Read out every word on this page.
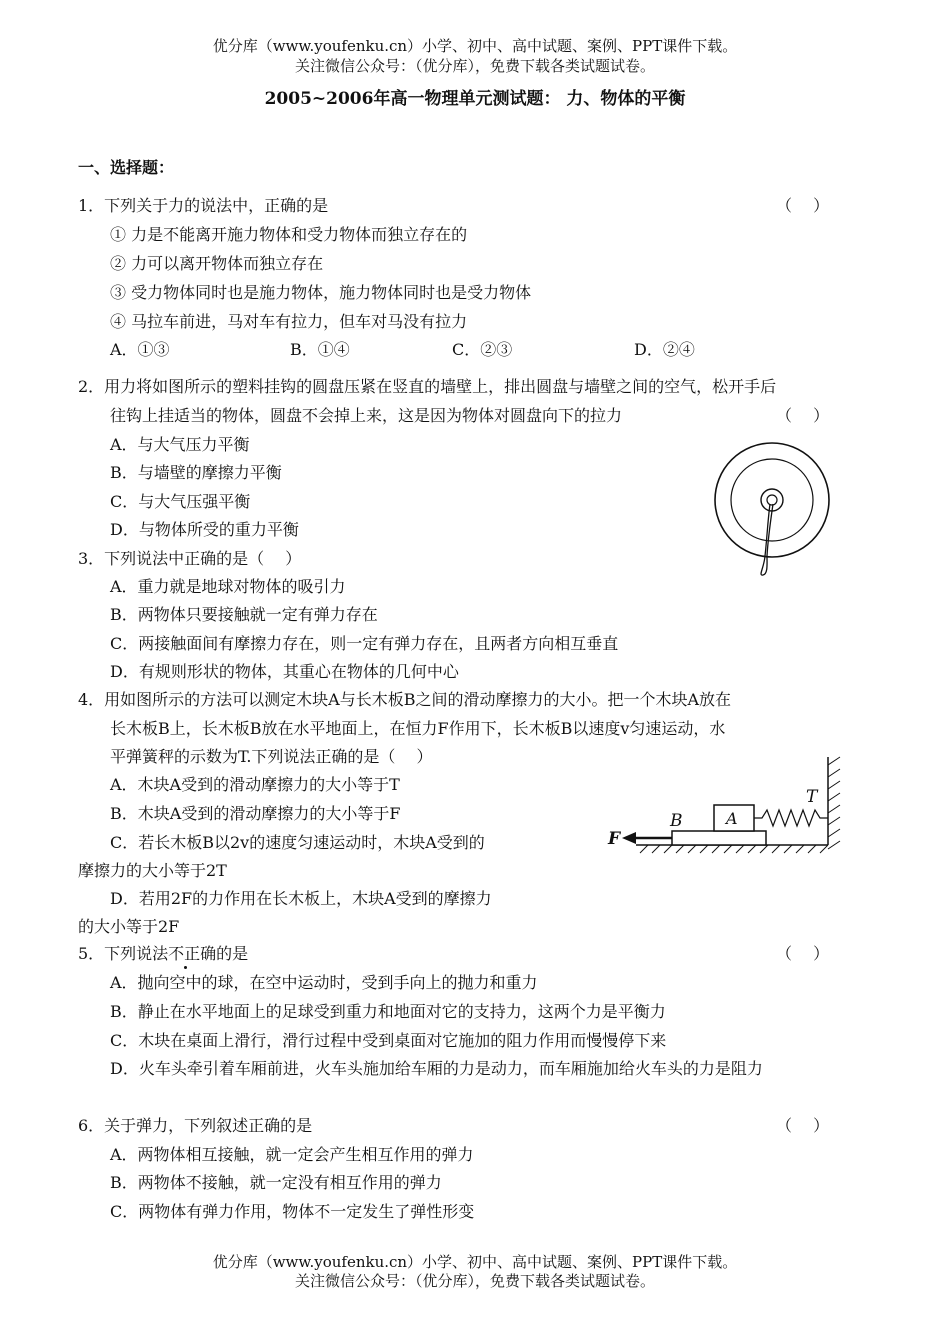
优分库（www.youfenku.cn）小学、初中、高中试题、案例、PPT课件下载。
关注微信公众号：（优分库），免费下载各类试题试卷。
2005~2006年高一物理单元测试题： 力、物体的平衡
一、选择题：
1．下列关于力的说法中，正确的是	（　 ）
① 力是不能离开施力物体和受力物体而独立存在的
② 力可以离开物体而独立存在
③ 受力物体同时也是施力物体，施力物体同时也是受力物体
④ 马拉车前进，马对车有拉力，但车对马没有拉力
A．①③	B．①④	C．②③	D．②④
2．用力将如图所示的塑料挂钩的圆盘压紧在竖直的墙壁上，排出圆盘与墙壁之间的空气，松开手后
往钩上挂适当的物体，圆盘不会掉上来，这是因为物体对圆盘向下的拉力	（　 ）
A．与大气压力平衡
B．与墙壁的摩擦力平衡
C．与大气压强平衡
D．与物体所受的重力平衡
3．下列说法中正确的是（　 ）
A．重力就是地球对物体的吸引力
B．两物体只要接触就一定有弹力存在
C．两接触面间有摩擦力存在，则一定有弹力存在，且两者方向相互垂直
D．有规则形状的物体，其重心在物体的几何中心
4．用如图所示的方法可以测定木块A与长木板B之间的滑动摩擦力的大小。把一个木块A放在
长木板B上，长木板B放在水平地面上，在恒力F作用下，长木板B以速度v匀速运动，水
平弹簧秤的示数为T.下列说法正确的是（　 ）
A．木块A受到的滑动摩擦力的大小等于T
B．木块A受到的滑动摩擦力的大小等于F
C．若长木板B以2v的速度匀速运动时，木块A受到的
摩擦力的大小等于2T
D．若用2F的力作用在长木板上，木块A受到的摩擦力
的大小等于2F
F
B	A
T
5．下列说法不正确的是	（　 ）
A．抛向空中的球，在空中运动时，受到手向上的抛力和重力
B．静止在水平地面上的足球受到重力和地面对它的支持力，这两个力是平衡力
C．木块在桌面上滑行，滑行过程中受到桌面对它施加的阻力作用而慢慢停下来
D．火车头牵引着车厢前进，火车头施加给车厢的力是动力，而车厢施加给火车头的力是阻力
6．关于弹力，下列叙述正确的是	（　 ）
A．两物体相互接触，就一定会产生相互作用的弹力
B．两物体不接触，就一定没有相互作用的弹力
C．两物体有弹力作用，物体不一定发生了弹性形变
优分库（www.youfenku.cn）小学、初中、高中试题、案例、PPT课件下载。
关注微信公众号：（优分库），免费下载各类试题试卷。
